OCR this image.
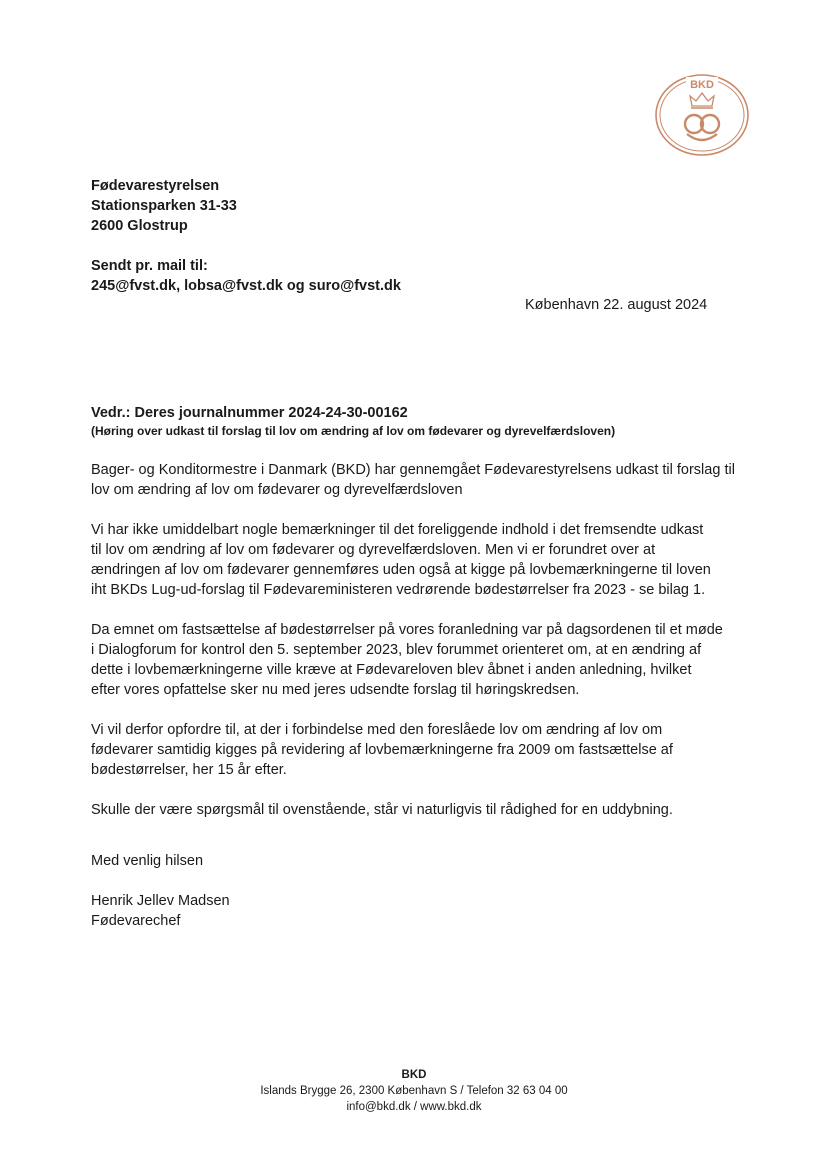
BKD
Fødevarestyrelsen
Stationsparken 31-33
2600 Glostrup
Sendt pr. mail til:
245@fvst.dk, lobsa@fvst.dk og suro@fvst.dk
København 22. august 2024
Vedr.: Deres journalnummer 2024-24-30-00162
(Høring over udkast til forslag til lov om ændring af lov om fødevarer og dyrevelfærdsloven)

Bager- og Konditormestre i Danmark (BKD) har gennemgået Fødevarestyrelsens udkast til forslag til
lov om ændring af lov om fødevarer og dyrevelfærdsloven

Vi har ikke umiddelbart nogle bemærkninger til det foreliggende indhold i det fremsendte udkast
til lov om ændring af lov om fødevarer og dyrevelfærdsloven. Men vi er forundret over at
ændringen af lov om fødevarer gennemføres uden også at kigge på lovbemærkningerne til loven
iht BKDs Lug-ud-forslag til Fødevareministeren vedrørende bødestørrelser fra 2023 - se bilag 1.

Da emnet om fastsættelse af bødestørrelser på vores foranledning var på dagsordenen til et møde
i Dialogforum for kontrol den 5. september 2023, blev forummet orienteret om, at en ændring af
dette i lovbemærkningerne ville kræve at Fødevareloven blev åbnet i anden anledning, hvilket
efter vores opfattelse sker nu med jeres udsendte forslag til høringskredsen.

Vi vil derfor opfordre til, at der i forbindelse med den foreslåede lov om ændring af lov om
fødevarer samtidig kigges på revidering af lovbemærkningerne fra 2009 om fastsættelse af
bødestørrelser, her 15 år efter.

Skulle der være spørgsmål til ovenstående, står vi naturligvis til rådighed for en uddybning.

Med venlig hilsen
Henrik Jellev Madsen
Fødevarechef
BKD
Islands Brygge 26, 2300 København S / Telefon 32 63 04 00
info@bkd.dk / www.bkd.dk
